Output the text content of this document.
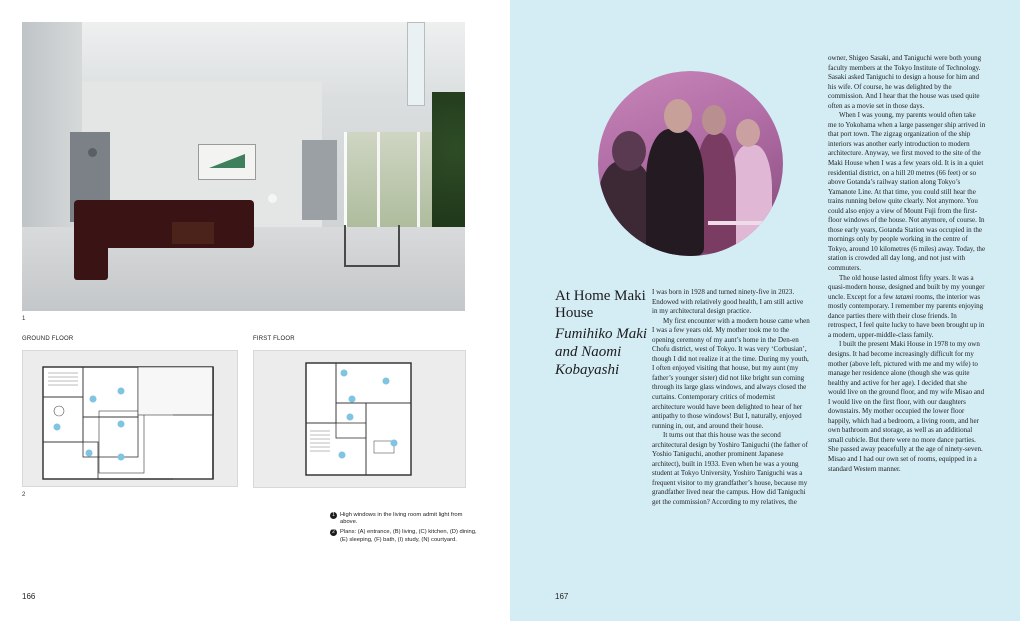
1
GROUND FLOOR	FIRST FLOOR
2
1 High windows in the living room admit light from above.
2 Plans: (A) entrance, (B) living, (C) kitchen, (D) dining, (E) sleeping, (F) bath, (I) study, (N) courtyard.
166
At Home Maki House
Fumihiko Maki and Naomi Kobayashi

I was born in 1928 and turned ninety-five in 2023. Endowed with relatively good health, I am still active in my architectural design practice.

My first encounter with a modern house came when I was a few years old. My mother took me to the opening ceremony of my aunt’s home in the Den-en Chofu district, west of Tokyo. It was very ‘Corbusian’, though I did not realize it at the time. During my youth, I often enjoyed visiting that house, but my aunt (my father’s younger sister) did not like bright sun coming through its large glass windows, and always closed the curtains. Contemporary critics of modernist architecture would have been delighted to hear of her antipathy to those windows! But I, naturally, enjoyed running in, out, and around their house.

It turns out that this house was the second architectural design by Yoshiro Taniguchi (the father of Yoshio Taniguchi, another prominent Japanese architect), built in 1933. Even when he was a young student at Tokyo University, Yoshiro Taniguchi was a frequent visitor to my grandfather’s house, because my grandfather lived near the campus. How did Taniguchi get the commission? According to my relatives, the

owner, Shigeo Sasaki, and Taniguchi were both young faculty members at the Tokyo Institute of Technology. Sasaki asked Taniguchi to design a house for him and his wife. Of course, he was delighted by the commission. And I hear that the house was used quite often as a movie set in those days.

When I was young, my parents would often take me to Yokohama when a large passenger ship arrived in that port town. The zigzag organization of the ship interiors was another early introduction to modern architecture. Anyway, we first moved to the site of the Maki House when I was a few years old. It is in a quiet residential district, on a hill 20 metres (66 feet) or so above Gotanda’s railway station along Tokyo’s Yamanote Line. At that time, you could still hear the trains running below quite clearly. Not anymore. You could also enjoy a view of Mount Fuji from the first-floor windows of the house. Not anymore, of course. In those early years, Gotanda Station was occupied in the mornings only by people working in the centre of Tokyo, around 10 kilometres (6 miles) away. Today, the station is crowded all day long, and not just with commuters.

The old house lasted almost fifty years. It was a quasi-modern house, designed and built by my younger uncle. Except for a few tatami rooms, the interior was mostly contemporary. I remember my parents enjoying dance parties there with their close friends. In retrospect, I feel quite lucky to have been brought up in a modern, upper-middle-class family.

I built the present Maki House in 1978 to my own designs. It had become increasingly difficult for my mother (above left, pictured with me and my wife) to manage her residence alone (though she was quite healthy and active for her age). I decided that she would live on the ground floor, and my wife Misao and I would live on the first floor, with our daughters downstairs. My mother occupied the lower floor happily, which had a bedroom, a living room, and her own bathroom and storage, as well as an additional small cubicle. But there were no more dance parties. She passed away peacefully at the age of ninety-seven. Misao and I had our own set of rooms, equipped in a standard Western manner.

167
